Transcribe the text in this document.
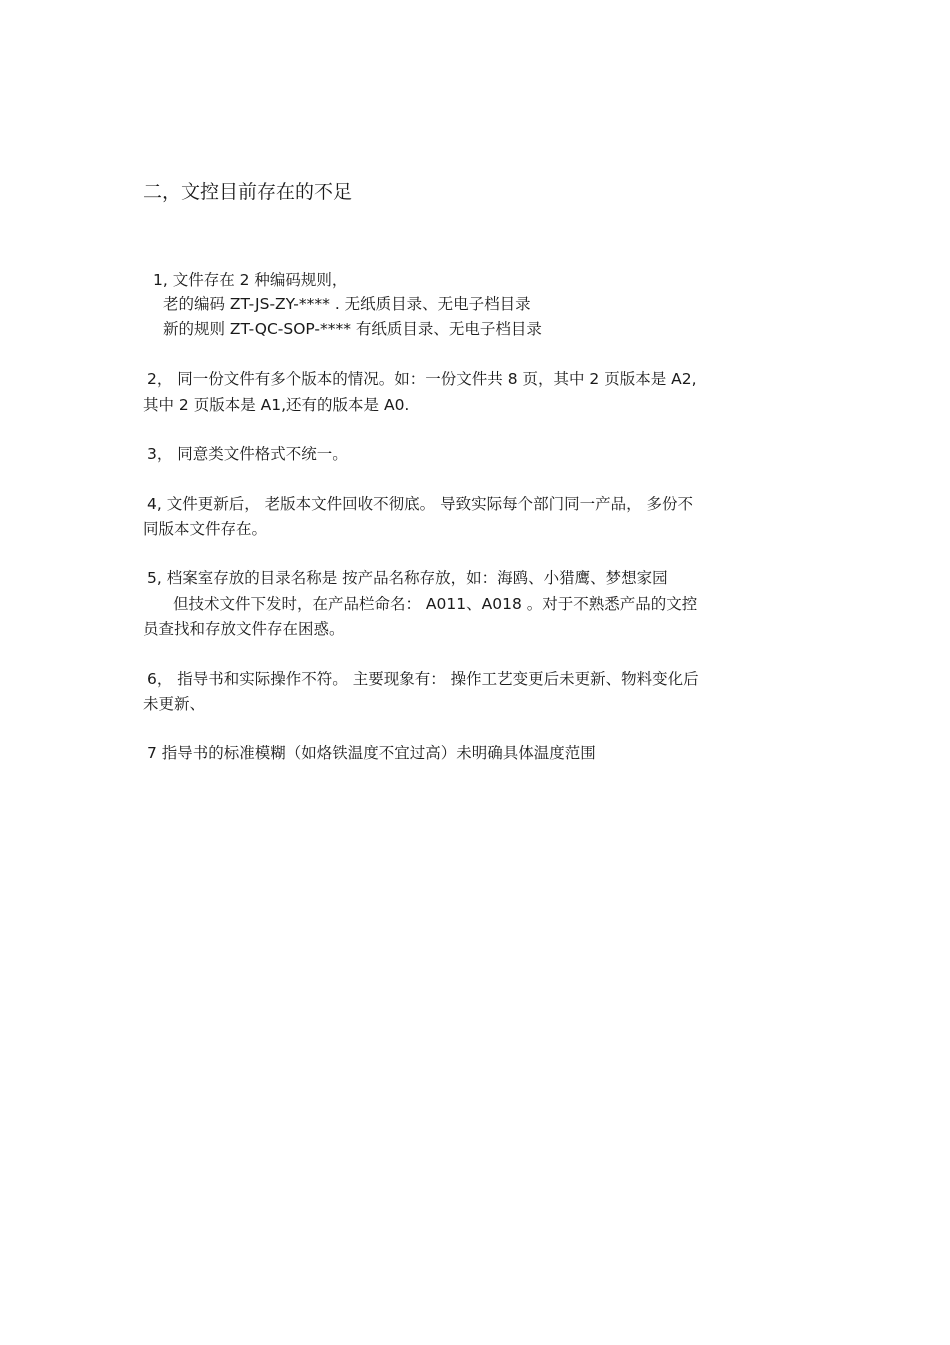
二，文控目前存在的不足
1, 文件存在 2 种编码规则，
老的编码 ZT-JS-ZY-**** . 无纸质目录、无电子档目录
新的规则 ZT-QC-SOP-**** 有纸质目录、无电子档目录
2， 同一份文件有多个版本的情况。如：一份文件共 8 页，其中 2 页版本是 A2,
其中 2 页版本是 A1,还有的版本是 A0.
3， 同意类文件格式不统一。
4, 文件更新后， 老版本文件回收不彻底。 导致实际每个部门同一产品， 多份不
同版本文件存在。
5, 档案室存放的目录名称是 按产品名称存放，如：海鸥、小猎鹰、梦想家园
但技术文件下发时，在产品栏命名： A011、A018 。对于不熟悉产品的文控
员查找和存放文件存在困惑。
6， 指导书和实际操作不符。 主要现象有： 操作工艺变更后未更新、物料变化后
未更新、
7 指导书的标准模糊（如烙铁温度不宜过高）未明确具体温度范围
